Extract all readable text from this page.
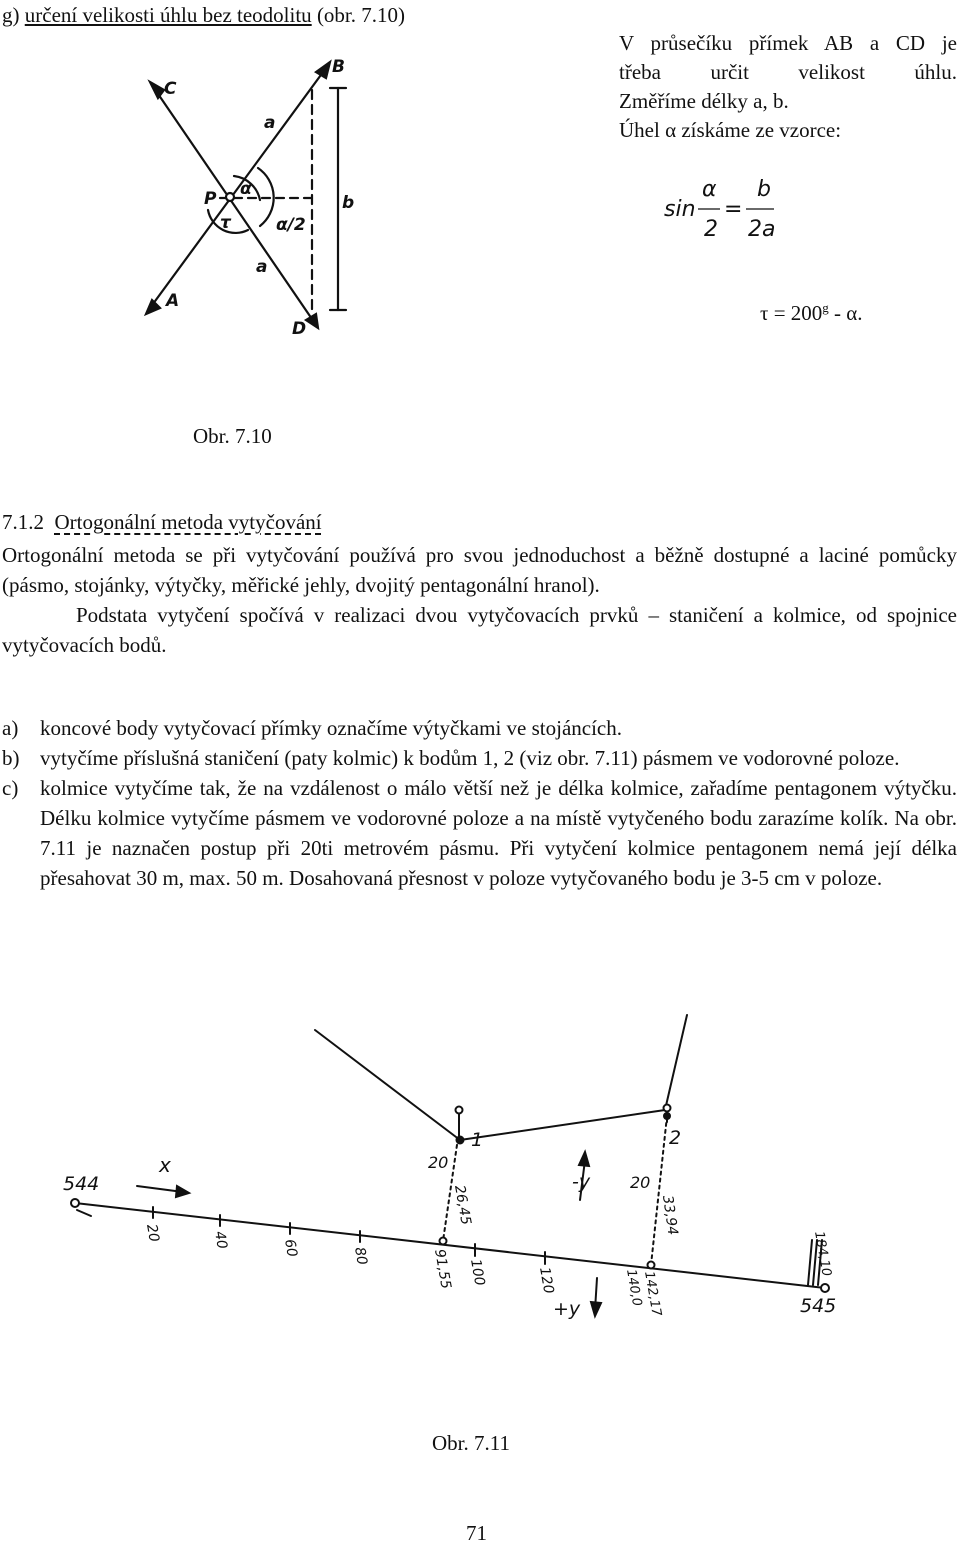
g) určení velikosti úhlu bez teodolitu (obr. 7.10)
C
B
a
P α
τ	α/2
b
a
A
D
V průsečíku přímek AB a CD je
třeba určit velikost úhlu.
Změříme délky a, b.
Úhel α získáme ze vzorce:
sin
α
2
=
b
2a
$\tau = 200^g - \alpha$.
Obr. 7.10
7.1.2 Ortogonální metoda vytyčování

Ortogonální metoda se při vytyčování používá pro svou jednoduchost a běžně dostupné a laciné pomůcky (pásmo, stojánky, výtyčky, měřické jehly, dvojitý pentagonální hranol).

Podstata vytyčení spočívá v realizaci dvou vytyčovacích prvků – staničení a kolmice, od spojnice vytyčovacích bodů.

a)	koncové body vytyčovací přímky označíme výtyčkami ve stojáncích.
b) vytyčíme příslušná staničení (paty kolmic) k bodům 1, 2 (viz obr. 7.11) pásmem ve vodorovné poloze.
c)	kolmice vytyčíme tak, že na vzdálenost o málo větší než je délka kolmice, zařadíme pentagonem výtyčku. Délku kolmice vytyčíme pásmem ve vodorovné poloze a na místě vytyčeného bodu zarazíme kolík. Na obr. 7.11 je naznačen postup při 20ti metrovém pásmu. Při vytyčení kolmice pentagonem nemá její délka přesahovat 30 m, max. 50 m. Dosahovaná přesnost v poloze vytyčovaného bodu je 3-5 cm v poloze.
544
x	20
1
-y 20
2
+y	545
26,45	33,94
20	40	60	80	91,55 100	120	142,17
140,0
184,10
Obr. 7.11
71
